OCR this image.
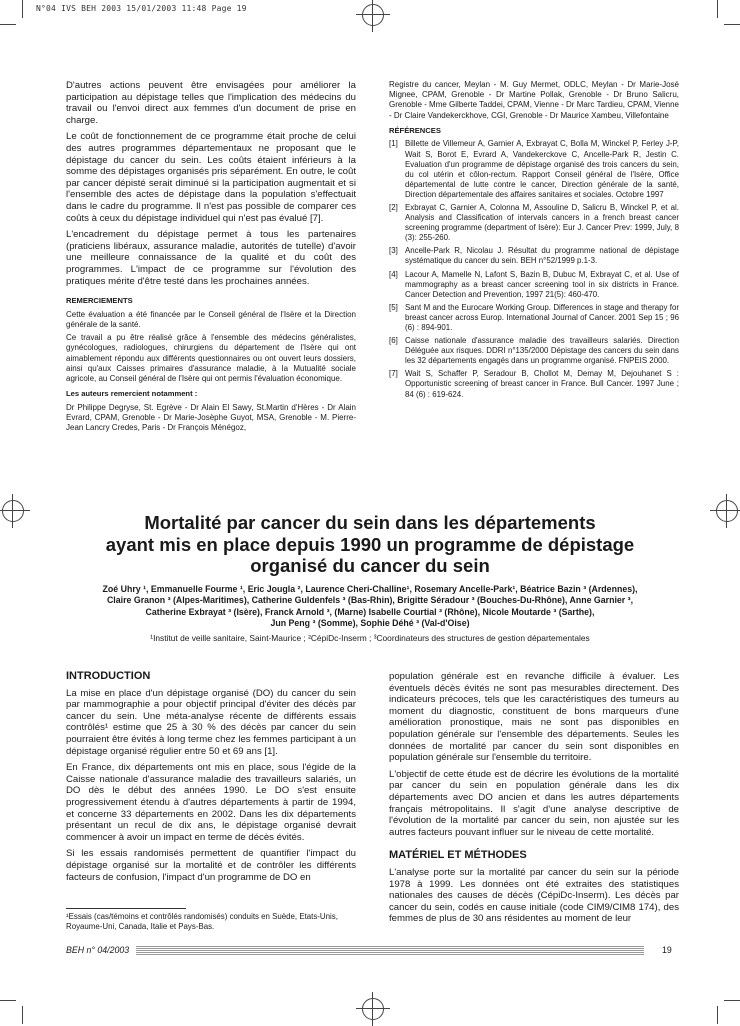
N°04 IVS BEH 2003 15/01/2003 11:48 Page 19

D'autres actions peuvent être envisagées pour améliorer la participation au dépistage telles que l'implication des médecins du travail ou l'envoi direct aux femmes d'un document de prise en charge.

Le coût de fonctionnement de ce programme était proche de celui des autres programmes départementaux ne proposant que le dépistage du cancer du sein. Les coûts étaient inférieurs à la somme des dépistages organisés pris séparément. En outre, le coût par cancer dépisté serait diminué si la participation augmentait et si l'ensemble des actes de dépistage dans la population s'effectuait dans le cadre du programme. Il n'est pas possible de comparer ces coûts à ceux du dépistage individuel qui n'est pas évalué [7].

L'encadrement du dépistage permet à tous les partenaires (praticiens libéraux, assurance maladie, autorités de tutelle) d'avoir une meilleure connaissance de la qualité et du coût des programmes. L'impact de ce programme sur l'évolution des pratiques mérite d'être testé dans les prochaines années.

REMERCIEMENTS

Cette évaluation a été financée par le Conseil général de l'Isère et la Direction générale de la santé.

Ce travail a pu être réalisé grâce à l'ensemble des médecins généralistes, gynécologues, radiologues, chirurgiens du département de l'Isère qui ont aimablement répondu aux différents questionnaires ou ont ouvert leurs dossiers, ainsi qu'aux Caisses primaires d'assurance maladie, à la Mutualité sociale agricole, au Conseil général de l'Isère qui ont permis l'évaluation économique.

Les auteurs remercient notamment :

Dr Philippe Degryse, St. Egrève - Dr Alain El Sawy, St.Martin d'Hères - Dr Alain Evrard, CPAM, Grenoble - Dr Marie-Josèphe Guyot, MSA, Grenoble - M. Pierre-Jean Lancry Credes, Paris - Dr François Ménégoz,

Registre du cancer, Meylan - M. Guy Mermet, ODLC, Meylan - Dr Marie-José Mignee, CPAM, Grenoble - Dr Martine Pollak, Grenoble - Dr Bruno Salicru, Grenoble - Mme Gilberte Taddei, CPAM, Vienne - Dr Marc Tardieu, CPAM, Vienne - Dr Claire Vandekerckhove, CGI, Grenoble - Dr Maurice Xambeu, Villefontaine

RÉFÉRENCES
[1] Billette de Villemeur A, Garnier A, Exbrayat C, Bolla M, Winckel P, Ferley J-P, Wait S, Borot E, Evrard A, Vandekerckove C, Ancelle-Park R, Jestin C. Evaluation d'un programme de dépistage organisé des trois cancers du sein, du col utérin et côlon-rectum. Rapport Conseil général de l'Isère, Office départemental de lutte contre le cancer, Direction générale de la santé, Direction départementale des affaires sanitaires et sociales. Octobre 1997
[2] Exbrayat C, Garnier A, Colonna M, Assouline D, Salicru B, Winckel P, et al. Analysis and Classification of intervals cancers in a french breast cancer screening programme (department of Isère): Eur J. Cancer Prev: 1999, July, 8 (3): 255-260.
[3] Ancelle-Park R, Nicolau J. Résultat du programme national de dépistage systématique du cancer du sein. BEH n°52/1999 p.1-3.
[4] Lacour A, Mamelle N, Lafont S, Bazin B, Dubuc M, Exbrayat C, et al. Use of mammography as a breast cancer screening tool in six districts in France. Cancer Detection and Prevention, 1997 21(5): 460-470.
[5] Sant M and the Eurocare Working Group. Differences in stage and therapy for breast cancer across Europ. International Journal of Cancer. 2001 Sep 15 ; 96 (6) : 894-901.
[6] Caisse nationale d'assurance maladie des travailleurs salariés. Direction Déléguée aux risques. DDRI n°135/2000 Dépistage des cancers du sein dans les 32 départements engagés dans un programme organisé. FNPEIS 2000.
[7] Wait S, Schaffer P, Seradour B, Chollot M, Demay M, Dejouhanet S : Opportunistic screening of breast cancer in France. Bull Cancer. 1997 June ; 84 (6) : 619-624.
Mortalité par cancer du sein dans les départements
ayant mis en place depuis 1990 un programme de dépistage
organisé du cancer du sein
Zoé Uhry ¹, Emmanuelle Fourme ¹, Eric Jougla ², Laurence Cheri-Challine¹, Rosemary Ancelle-Park¹, Béatrice Bazin ³ (Ardennes),
Claire Granon ³ (Alpes-Maritimes), Catherine Guldenfels ³ (Bas-Rhin), Brigitte Séradour ³ (Bouches-Du-Rhône), Anne Garnier ³,
Catherine Exbrayat ³ (Isère), Franck Arnold ³, (Marne) Isabelle Courtial ³ (Rhône), Nicole Moutarde ³ (Sarthe),
Jun Peng ³ (Somme), Sophie Déhé ³ (Val-d'Oise)
¹Institut de veille sanitaire, Saint-Maurice ; ²CépiDc-Inserm ; ³Coordinateurs des structures de gestion départementales
INTRODUCTION

La mise en place d'un dépistage organisé (DO) du cancer du sein par mammographie a pour objectif principal d'éviter des décès par cancer du sein. Une méta-analyse récente de différents essais contrôlés¹ estime que 25 à 30 % des décès par cancer du sein pourraient être évités à long terme chez les femmes participant à un dépistage organisé régulier entre 50 et 69 ans [1].

En France, dix départements ont mis en place, sous l'égide de la Caisse nationale d'assurance maladie des travailleurs salariés, un DO dès le début des années 1990. Le DO s'est ensuite progressivement étendu à d'autres départements à partir de 1994, et concerne 33 départements en 2002. Dans les dix départements présentant un recul de dix ans, le dépistage organisé devrait commencer à avoir un impact en terme de décès évités.

Si les essais randomisés permettent de quantifier l'impact du dépistage organisé sur la mortalité et de contrôler les différents facteurs de confusion, l'impact d'un programme de DO en

population générale est en revanche difficile à évaluer. Les éventuels décès évités ne sont pas mesurables directement. Des indicateurs précoces, tels que les caractéristiques des tumeurs au moment du diagnostic, constituent de bons marqueurs d'une amélioration pronostique, mais ne sont pas disponibles en population générale sur l'ensemble des départements. Seules les données de mortalité par cancer du sein sont disponibles en population générale sur l'ensemble du territoire.

L'objectif de cette étude est de décrire les évolutions de la mortalité par cancer du sein en population générale dans les dix départements avec DO ancien et dans les autres départements français métropolitains. Il s'agit d'une analyse descriptive de l'évolution de la mortalité par cancer du sein, non ajustée sur les autres facteurs pouvant influer sur le niveau de cette mortalité.

MATÉRIEL ET MÉTHODES

L'analyse porte sur la mortalité par cancer du sein sur la période 1978 à 1999. Les données ont été extraites des statistiques nationales des causes de décès (CépiDc-Inserm). Les décès par cancer du sein, codés en cause initiale (code CIM9/CIM8 174), des femmes de plus de 30 ans résidentes au moment de leur

¹Essais (cas/témoins et contrôlés randomisés) conduits en Suède, Etats-Unis, Royaume-Uni, Canada, Italie et Pays-Bas.
BEH n° 04/2003	19
